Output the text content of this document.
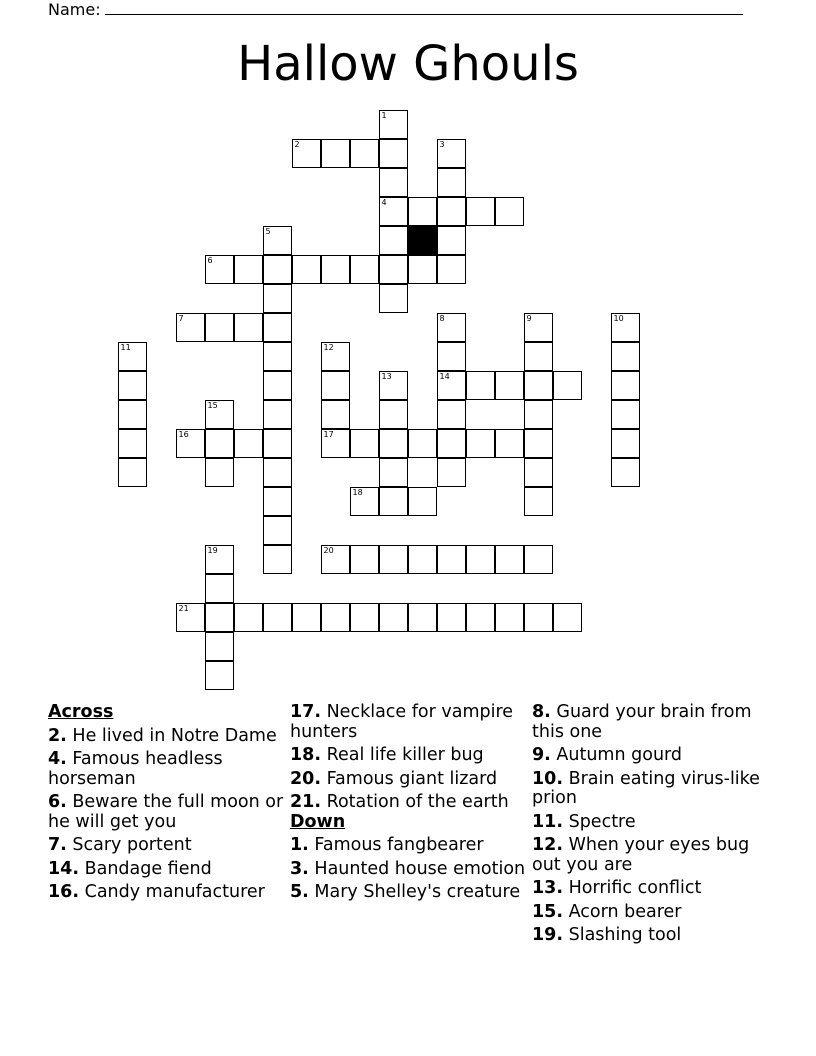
Name:
Hallow Ghouls
2
4
6
7
14
16	17
18
20
21
1
3
5
8	9	10
11	12
13
15
19

Across

2. He lived in Notre Dame

4. Famous headless horseman

6. Beware the full moon or he will get you

7. Scary portent

14. Bandage fiend

16. Candy manufacturer

17. Necklace for vampire hunters

18. Real life killer bug

20. Famous giant lizard

21. Rotation of the earth

Down

1. Famous fangbearer

3. Haunted house emotion

5. Mary Shelley's creature

8. Guard your brain from this one

9. Autumn gourd

10. Brain eating virus-like prion

11. Spectre

12. When your eyes bug out you are

13. Horrific conflict

15. Acorn bearer

19. Slashing tool
